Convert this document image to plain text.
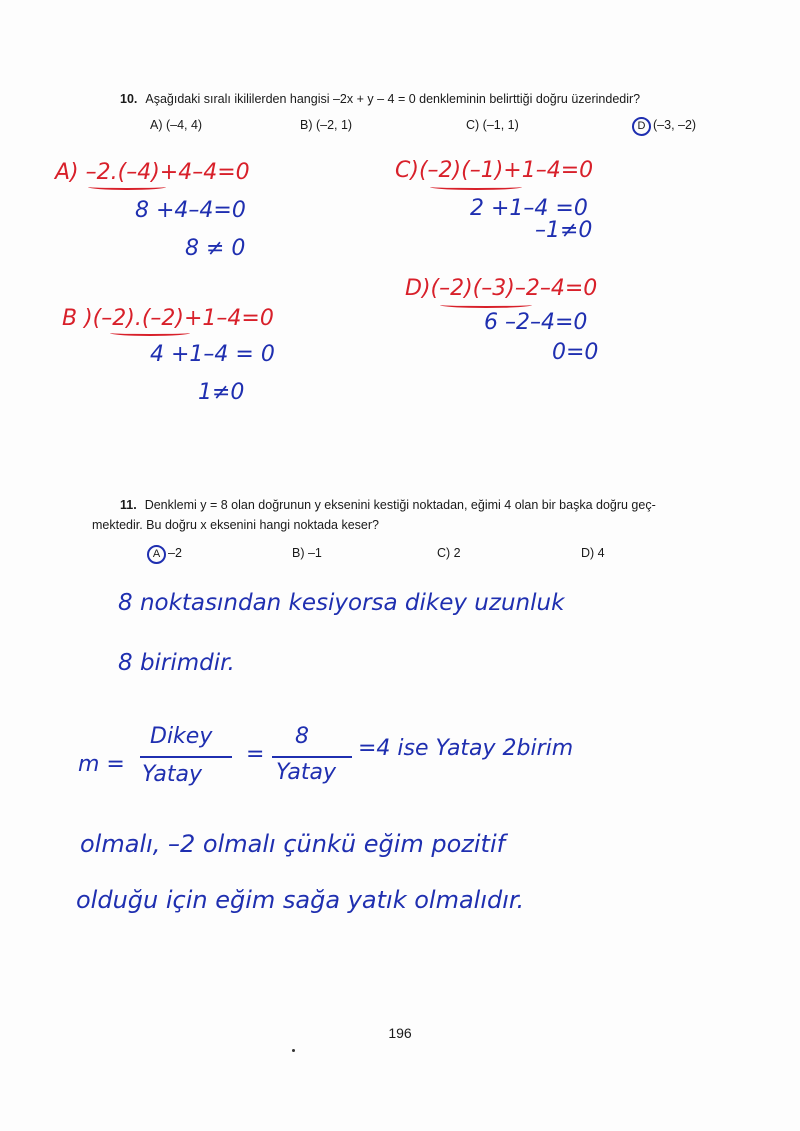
10. Aşağıdaki sıralı ikililerden hangisi –2x + y – 4 = 0 denkleminin belirttiği doğru üzerindedir?
A) (–4, 4)	B) (–2, 1)	C) (–1, 1)	D (–3, –2)
A) –2.(–4)+4–4=0
8 +4–4=0
8 ≠ 0
B )(–2).(–2)+1–4=0
4 +1–4 = 0
1≠0
C)(–2)(–1)+1–4=0
2 +1–4 =0
–1≠0
D)(–2)(–3)–2–4=0
6 –2–4=0
0=0
11. Denklemi y = 8 olan doğrunun y eksenini kestiği noktadan, eğimi 4 olan bir başka doğru geç-
mektedir. Bu doğru x eksenini hangi noktada keser?
A –2	B) –1	C) 2	D) 4
8 noktasından kesiyorsa dikey uzunluk
8 birimdir.
m =
Dikey
Yatay
=
8
Yatay
=4 ise Yatay 2birim
olmalı, –2 olmalı çünkü eğim pozitif
olduğu için eğim sağa yatık olmalıdır.
196
